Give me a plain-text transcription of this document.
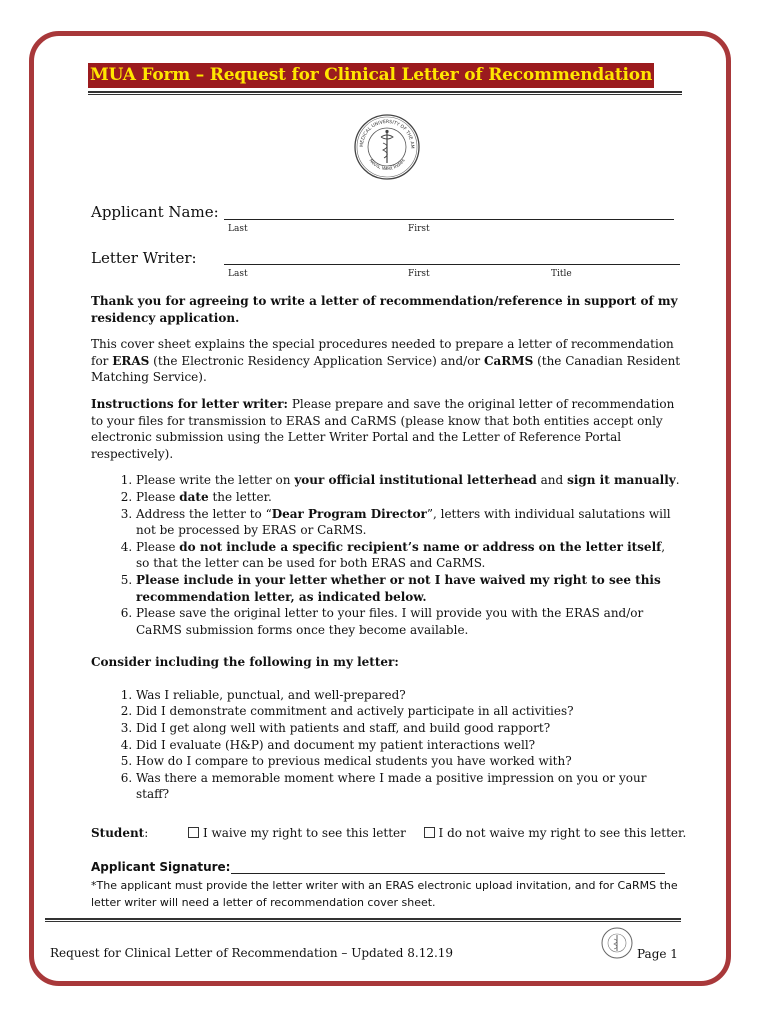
MUA Form – Request for Clinical Letter of Recommendation
MEDICAL UNIVERSITY OF THE AM
Nevis, West Indies
Applicant Name:
Last	First
Letter Writer:
Last	First	Title

Thank you for agreeing to write a letter of recommendation/reference in support of my residency application.

This cover sheet explains the special procedures needed to prepare a letter of recommendation for ERAS (the Electronic Residency Application Service) and/or CaRMS (the Canadian Resident Matching Service).

Instructions for letter writer: Please prepare and save the original letter of recommendation to your files for transmission to ERAS and CaRMS (please know that both entities accept only electronic submission using the Letter Writer Portal and the Letter of Reference Portal respectively).

1. Please write the letter on your official institutional letterhead and sign it manually.
2. Please date the letter.
3. Address the letter to “Dear Program Director”, letters with individual salutations will not be processed by ERAS or CaRMS.
4. Please do not include a specific recipient’s name or address on the letter itself, so that the letter can be used for both ERAS and CaRMS.
5. Please include in your letter whether or not I have waived my right to see this recommendation letter, as indicated below.
6. Please save the original letter to your files. I will provide you with the ERAS and/or CaRMS submission forms once they become available.

Consider including the following in my letter:

1. Was I reliable, punctual, and well-prepared?
2. Did I demonstrate commitment and actively participate in all activities?
3. Did I get along well with patients and staff, and build good rapport?
4. Did I evaluate (H&P) and document my patient interactions well?
5. How do I compare to previous medical students you have worked with?
6. Was there a memorable moment where I made a positive impression on you or your staff?
Student:	I waive my right to see this letter	I do not waive my right to see this letter.
Applicant Signature:
*The applicant must provide the letter writer with an ERAS electronic upload invitation, and for CaRMS the letter writer will need a letter of recommendation cover sheet.
Request for Clinical Letter of Recommendation – Updated 8.12.19	Page 1
